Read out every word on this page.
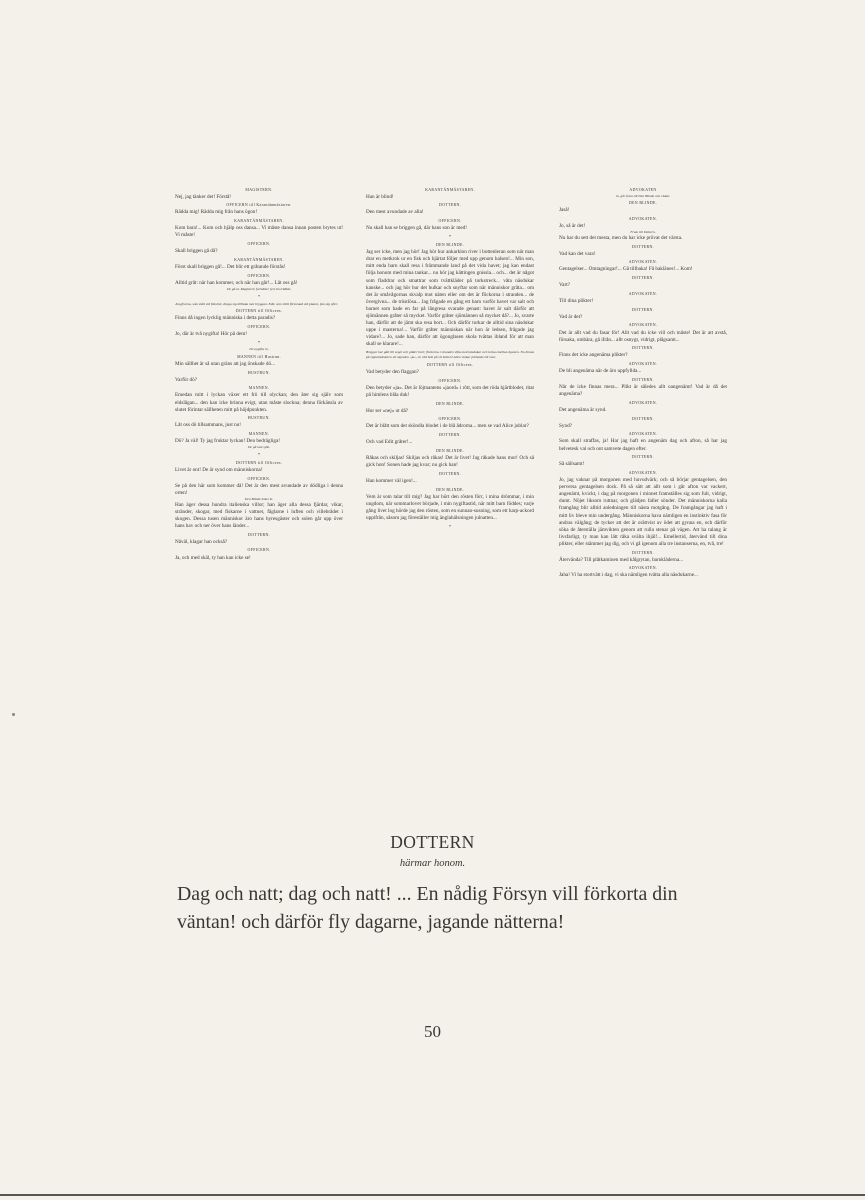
MAGISTERN.

Nej, jag tänker det! Förstå!

OFFICERN till Karantänmästaren.

Rädda mig! Rädda mig från hans ögon!

KARANTÄNMÄSTAREN.

Kom bara!... Kom och hjälp oss dansa... Vi måste dansa innan posten brytes ut! Vi måste!

OFFICERN.

Skall briggen gå då?

KARANTÄNMÄSTAREN.

Först skall briggen gå!... Det blir ett gråtande förstås!

OFFICERN.

Alltid gråt: när han kommer, och när han går!... Låt oss gå!

De gå ut. Magistern fortsätter tyst sin träkläs.

*

Jungfrorna, som stått vid fönstret, draga sig tillbaka mot bryggan. Edit, som sittit försumad vid pianot, ljus oig efter.

DOTTERN till Officern.

Finns då ingen lycklig människa i detta paradis?

OFFICERN.

Jo, där är två nygifta! Hör på dem!

*

De nygifta in.

MANNEN till Hustrun.

Min sällhet är så utan gräns att jag önskade dö...

HUSTRUN.

Varför dö?

MANNEN.

Emedan mitt i lyckan växer ett frö till olyckan; den äter sig själv som eldslågan... den kan icke brinna evigt, utan måste slockna; denna förkänsla av slutet förintar sällheten mitt på höjdpunkten.

HUSTRUN.

Låt oss dö tillsammans, just nu!

MANNEN.

Dö? Ja väl! Ty jag fruktar lyckan! Den bedrägliga!

De gå mot sjön.

*

DOTTERN till Officern.

Livet är ont! De är synd om människorna!

OFFICERN.

Se på den här som kommer då! Det är den mest avundade av dödliga i denna orten!

Den Blinde ledes in.

Han äger dessa hundra italienska villor; han äger alla dessa fjärdar, vikar, stränder, skogar, med fiskarne i vattnet, fåglarne i luften och villebrådet i skogen. Dessa tusen människor äro hans hyresgäster och solen går upp över hans hav och ner över hans länder...

DOTTERN.

Nåväl, klagar han också?

OFFICERN.

Ja, och med skäl, ty han kan icke se!

KARANTÄNMÄSTAREN.

Han är blind!

DOTTERN.

Den mest avundade av alla!

OFFICERN.

Nu skall han se briggen gå, där hans son är med!

*

DEN BLINDE.

Jag ser icke, men jag hör! Jag hör hur ankarklon river i bottenleran som när man drar en metkrok ur en fisk och hjärtat följer med upp genom halsen!... Min son, mitt enda barn skall resa i främmande land på det vida havet; jag kan endast följa honom med mina tankar... nu hör jag kättingen gnissla... och... det är något som fladdrar och smattrar som tvättkläder på torkstreck... våta näsdukar kanske... och jag hör hur det hulkar och snyftar som när människor gråta... om det är småvågornas skvalp mot näten eller om det är flickorna i stranden... de övergivna... de tröstlösa... Jag frågade en gång ett barn varför havet var salt och barnet som hade en far på långresa svarade genast: havet är salt därför att sjömännen gråter så mycket. Varför gråter sjömännen så mycket då?... Jo, svarte han, därför att de jämt ska resa bort... Och därför torkar de alltid sina näsdukar uppe i masterna!... Varför gråter människan när hon är ledsen, frågade jag vidare?... Jo, sade han, därför att ögonglasen skola tvättas ibland för att man skall se klarare!...

Briggen har gått till segel och glider bort; flickorna i stranden vifta med näsdukar och torka emellan ögonen. Nu hissas på signalmästaren ett signalen »ja«, en röd boll på vit botten! Alice vinkar jublande till svar.

DOTTERN till Officern.

Vad betyder den flaggan?

OFFICERN.

Den betyder »ja«. Det är löjtnantens »jaord« i rött, som det röda hjärtblodet, ritat på himlens blåa duk!

DEN BLINDE.

Hur ser »nej« ut då?

OFFICERN.

Det är blått som det sköndla blodet i de blå ådrorna... men se vad Alice jublar?

DOTTERN.

Och vad Edit gråter!...

DEN BLINDE.

Råkas och skiljas! Skiljas och råkas! Det är livet! Jag råkade hans mor! Och så gick hon! Sonen hade jag kvar; nu gick han!

DOTTERN.

Han kommer väl igen!...

DEN BLINDE.

Vem är som talar till mig? Jag har hört den rösten förr, i mina drömmar, i min ungdom, när sommarlovet började, i min nygiftastid, när mitt barn föddes; varje gång livet log hörde jag den rösten, som en sunnan-susning, som ett harp-ackord uppifrån, såsom jag föreställer mig änglahälsningen julnatten...

*

ADVOKATEN

in, går fram till Den Blinde och viskar.

DEN BLINDE.

Jaså!

ADVOKATEN.

Jo, så är det!

Fram till Dottern.

Nu har du sett det mesta, men du har icke prövat det värsta.

DOTTERN.

Vad kan det vara!

ADVOKATEN.

Gentagelser... Omtagningar!... Gå tillbaka! Få baklänes!... Kom!

DOTTERN.

Vart?

ADVOKATEN.

Till dina plikter!

DOTTERN.

Vad är det?

ADVOKATEN.

Det är allt vad du fasar för! Allt vad du icke vill och måste! Det är att avstå, försaka, umbära, gå ifrån... allt osnygt, vidrigt, plågsamt...

DOTTERN.

Finns det icke angenäma plikter?

ADVOKATEN.

De bli angenäma när de äro uppfyllda...

DOTTERN.

När de icke finnas mera... Plikt är således allt oangenämt! Vad är då det angenäma?

ADVOKATEN.

Det angenäma är synd.

DOTTERN.

Synd?

ADVOKATEN.

Som skall straffas, ja! Har jag haft en angenäm dag och afton, så har jag helvetesk val och ont samvete dagen efter.

DOTTERN.

Så sällsamt!

ADVOKATEN.

Jo, jag vaknar på morgonen med huvudvärk; och så börjar gentagelsen, den perversa gentagelsen dock. På så sätt att allt som i går afton var vackert, angenämt, kvickt, i dag på morgonen i minnet framställes sig som fult, vidrigt, dumt. Nöjet liksom ruttnar, och glädjen faller sönder. Det människorna kalla framgång blir alltid anledningen till nästa motgång. De framgångar jag haft i mitt liv bleve min undergång. Människorna hava nämligen en instinktiv fasa för andras välgång; de tycker att det är orättvist av ödet att gynna en, och därför söka de återställa jämvikten genom att rulla stenar på vägen. Att ha talang är livsfarligt, ty man kan lätt råka svälta ihjäl!... Emellertid, återvänd till dina plikter, eller stämmer jag dig, och vi gå igenom alla tre instanserna, en, två, tre!

DOTTERN.

Återvända? Till plåtkaminen med kålgrytan, barnkläderna...

ADVOKATEN.

Jaha! Vi ha stortvätt i dag, vi ska nämligen tvätta alla näsdukarne...

DOTTERN
härmar honom.
Dag och natt; dag och natt! ... En nådig Försyn vill förkorta din väntan! och därför fly dagarne, jagande nätterna!
50
